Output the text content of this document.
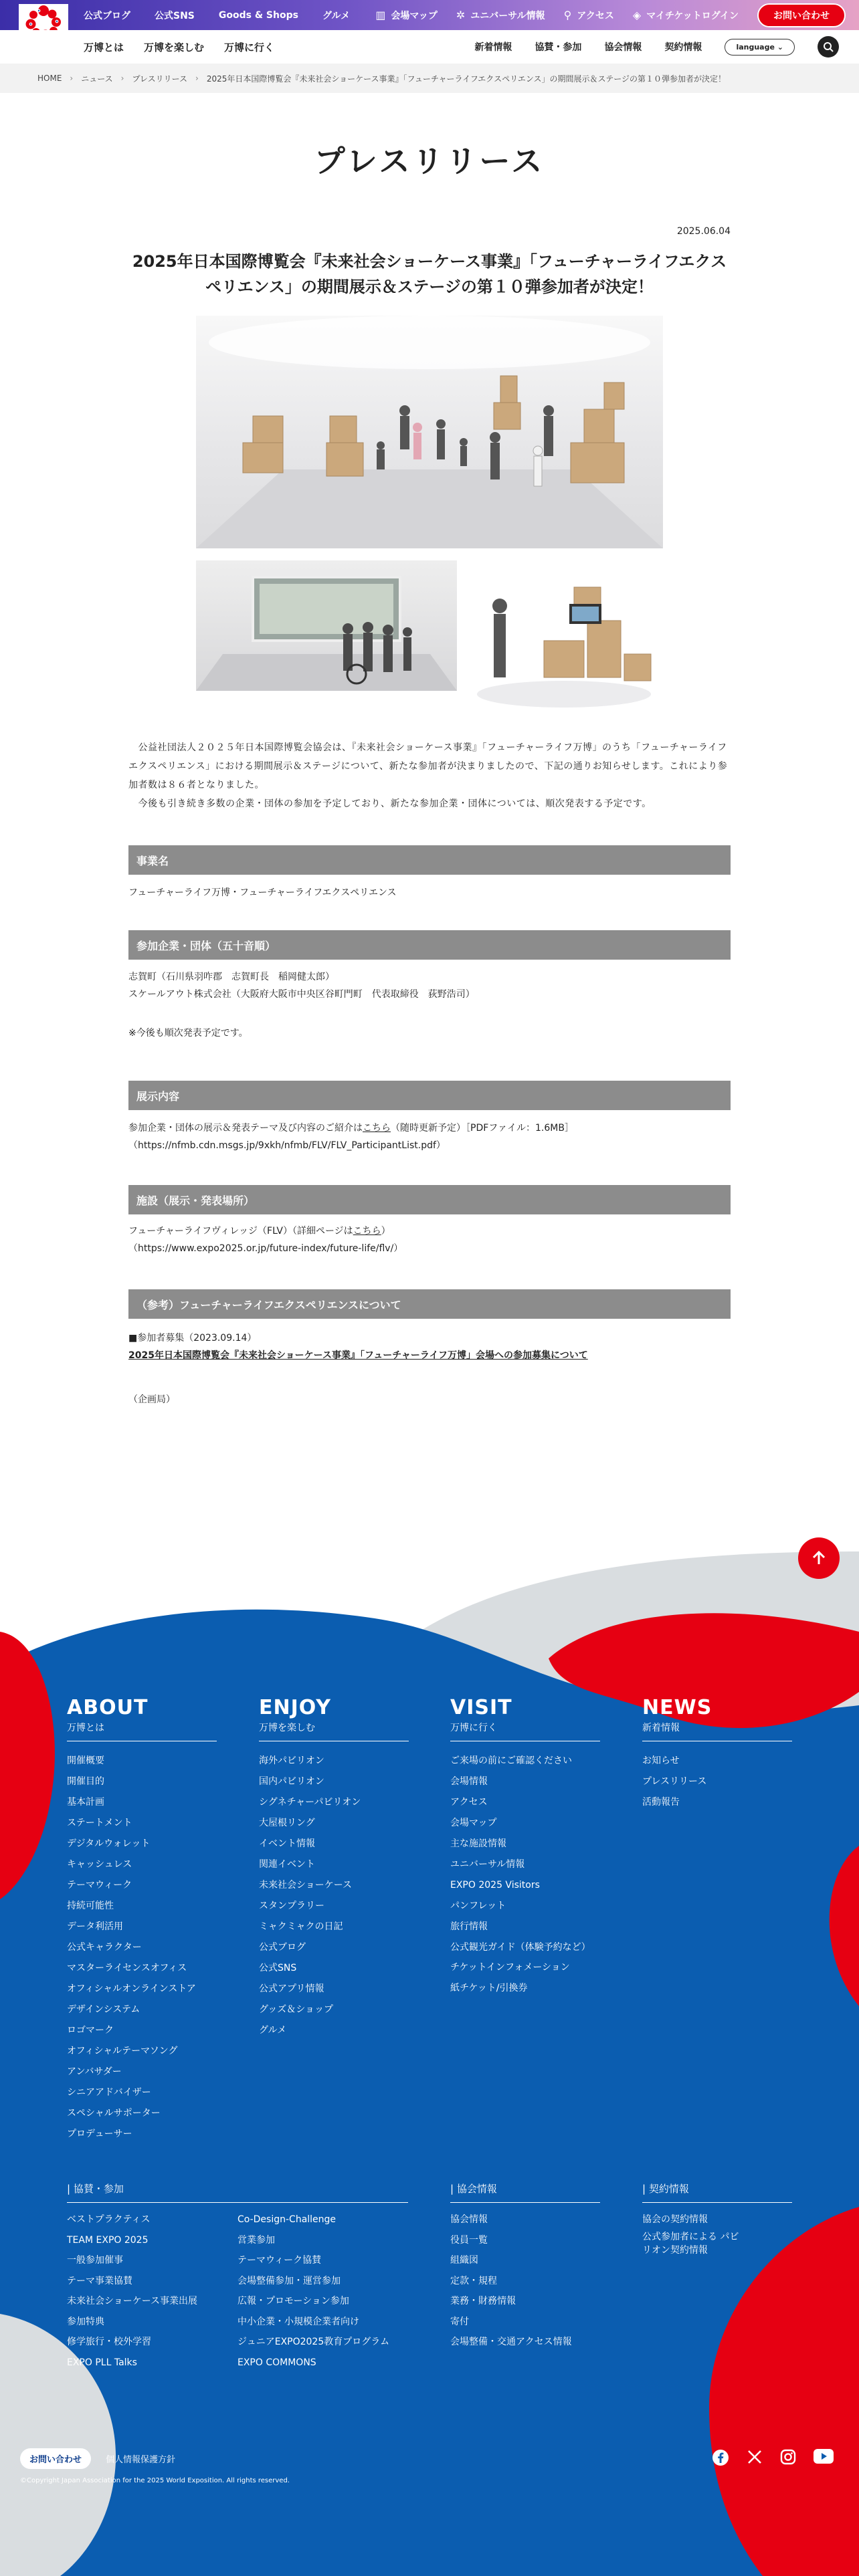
公式ブログ	公式SNS	Goods & Shops	グルメ ▥ 会場マップ ✲ ユニバーサル情報 ⚲ アクセス ◈ マイチケットログイン	お問い合わせ
万博とは 万博を楽しむ 万博に行く	新着情報 協賛・参加 協会情報 契約情報	language ⌄
HOME › ニュース › プレスリリース › 2025年日本国際博覧会『未来社会ショーケース事業』「フューチャーライフエクスペリエンス」の期間展示＆ステージの第１０弾参加者が決定！
プレスリリース
2025.06.04
2025年日本国際博覧会『未来社会ショーケース事業』「フューチャーライフエクスペリエンス」の期間展示＆ステージの第１０弾参加者が決定！

　公益社団法人２０２５年日本国際博覧会協会は、『未来社会ショーケース事業』「フューチャーライフ万博」のうち「フューチャーライフエクスペリエンス」における期間展示＆ステージについて、新たな参加者が決まりましたので、下記の通りお知らせします。これにより参加者数は８６者となりました。

　今後も引き続き多数の企業・団体の参加を予定しており、新たな参加企業・団体については、順次発表する予定です。

事業名

フューチャーライフ万博・フューチャーライフエクスペリエンス

参加企業・団体（五十音順）

志賀町（石川県羽咋郡　志賀町長　稲岡健太郎）

スケールアウト株式会社（大阪府大阪市中央区谷町門町　代表取締役　荻野浩司）

※今後も順次発表予定です。

展示内容

参加企業・団体の展示＆発表テーマ及び内容のご紹介はこちら（随時更新予定）［PDFファイル：1.6MB］

（https://nfmb.cdn.msgs.jp/9xkh/nfmb/FLV/FLV_ParticipantList.pdf）

施設（展示・発表場所）

フューチャーライフヴィレッジ（FLV）（詳細ページはこちら）

（https://www.expo2025.or.jp/future-index/future-life/flv/）

（参考）フューチャーライフエクスペリエンスについて

■参加者募集（2023.09.14）

2025年日本国際博覧会『未来社会ショーケース事業』「フューチャーライフ万博」会場への参加募集について

（企画局）

ABOUT
万博とは
開催概要
開催目的
基本計画
ステートメント
デジタルウォレット
キャッシュレス
テーマウィーク
持続可能性
データ利活用
公式キャラクター
マスターライセンスオフィス
オフィシャルオンラインストア
デザインシステム
ロゴマーク
オフィシャルテーマソング
アンバサダー
シニアアドバイザー
スペシャルサポーター
プロデューサー
ENJOY
万博を楽しむ
海外パビリオン
国内パビリオン
シグネチャーパビリオン
大屋根リング
イベント情報
関連イベント
未来社会ショーケース
スタンプラリー
ミャクミャクの日記
公式ブログ
公式SNS
公式アプリ情報
グッズ＆ショップ
グルメ
VISIT
万博に行く
ご来場の前にご確認ください
会場情報
アクセス
会場マップ
主な施設情報
ユニバーサル情報
EXPO 2025 Visitors
パンフレット
旅行情報
公式観光ガイド（体験予約など）
チケットインフォメーション
紙チケット/引換券
NEWS
新着情報
お知らせ
プレスリリース
活動報告
| 協賛・参加
ベストプラクティス
TEAM EXPO 2025
一般参加催事
テーマ事業協賛
未来社会ショーケース事業出展
参加特典
修学旅行・校外学習
EXPO PLL Talks
Co-Design-Challenge
営業参加
テーマウィーク協賛
会場整備参加・運営参加
広報・プロモーション参加
中小企業・小規模企業者向け
ジュニアEXPO2025教育プログラム
EXPO COMMONS
| 協会情報
協会情報
役員一覧
組織図
定款・規程
業務・財務情報
寄付
会場整備・交通アクセス情報
| 契約情報
協会の契約情報
公式参加者による パビリオン契約情報
お問い合わせ	個人情報保護方針
©Copyright Japan Association for the 2025 World Exposition. All rights reserved.
